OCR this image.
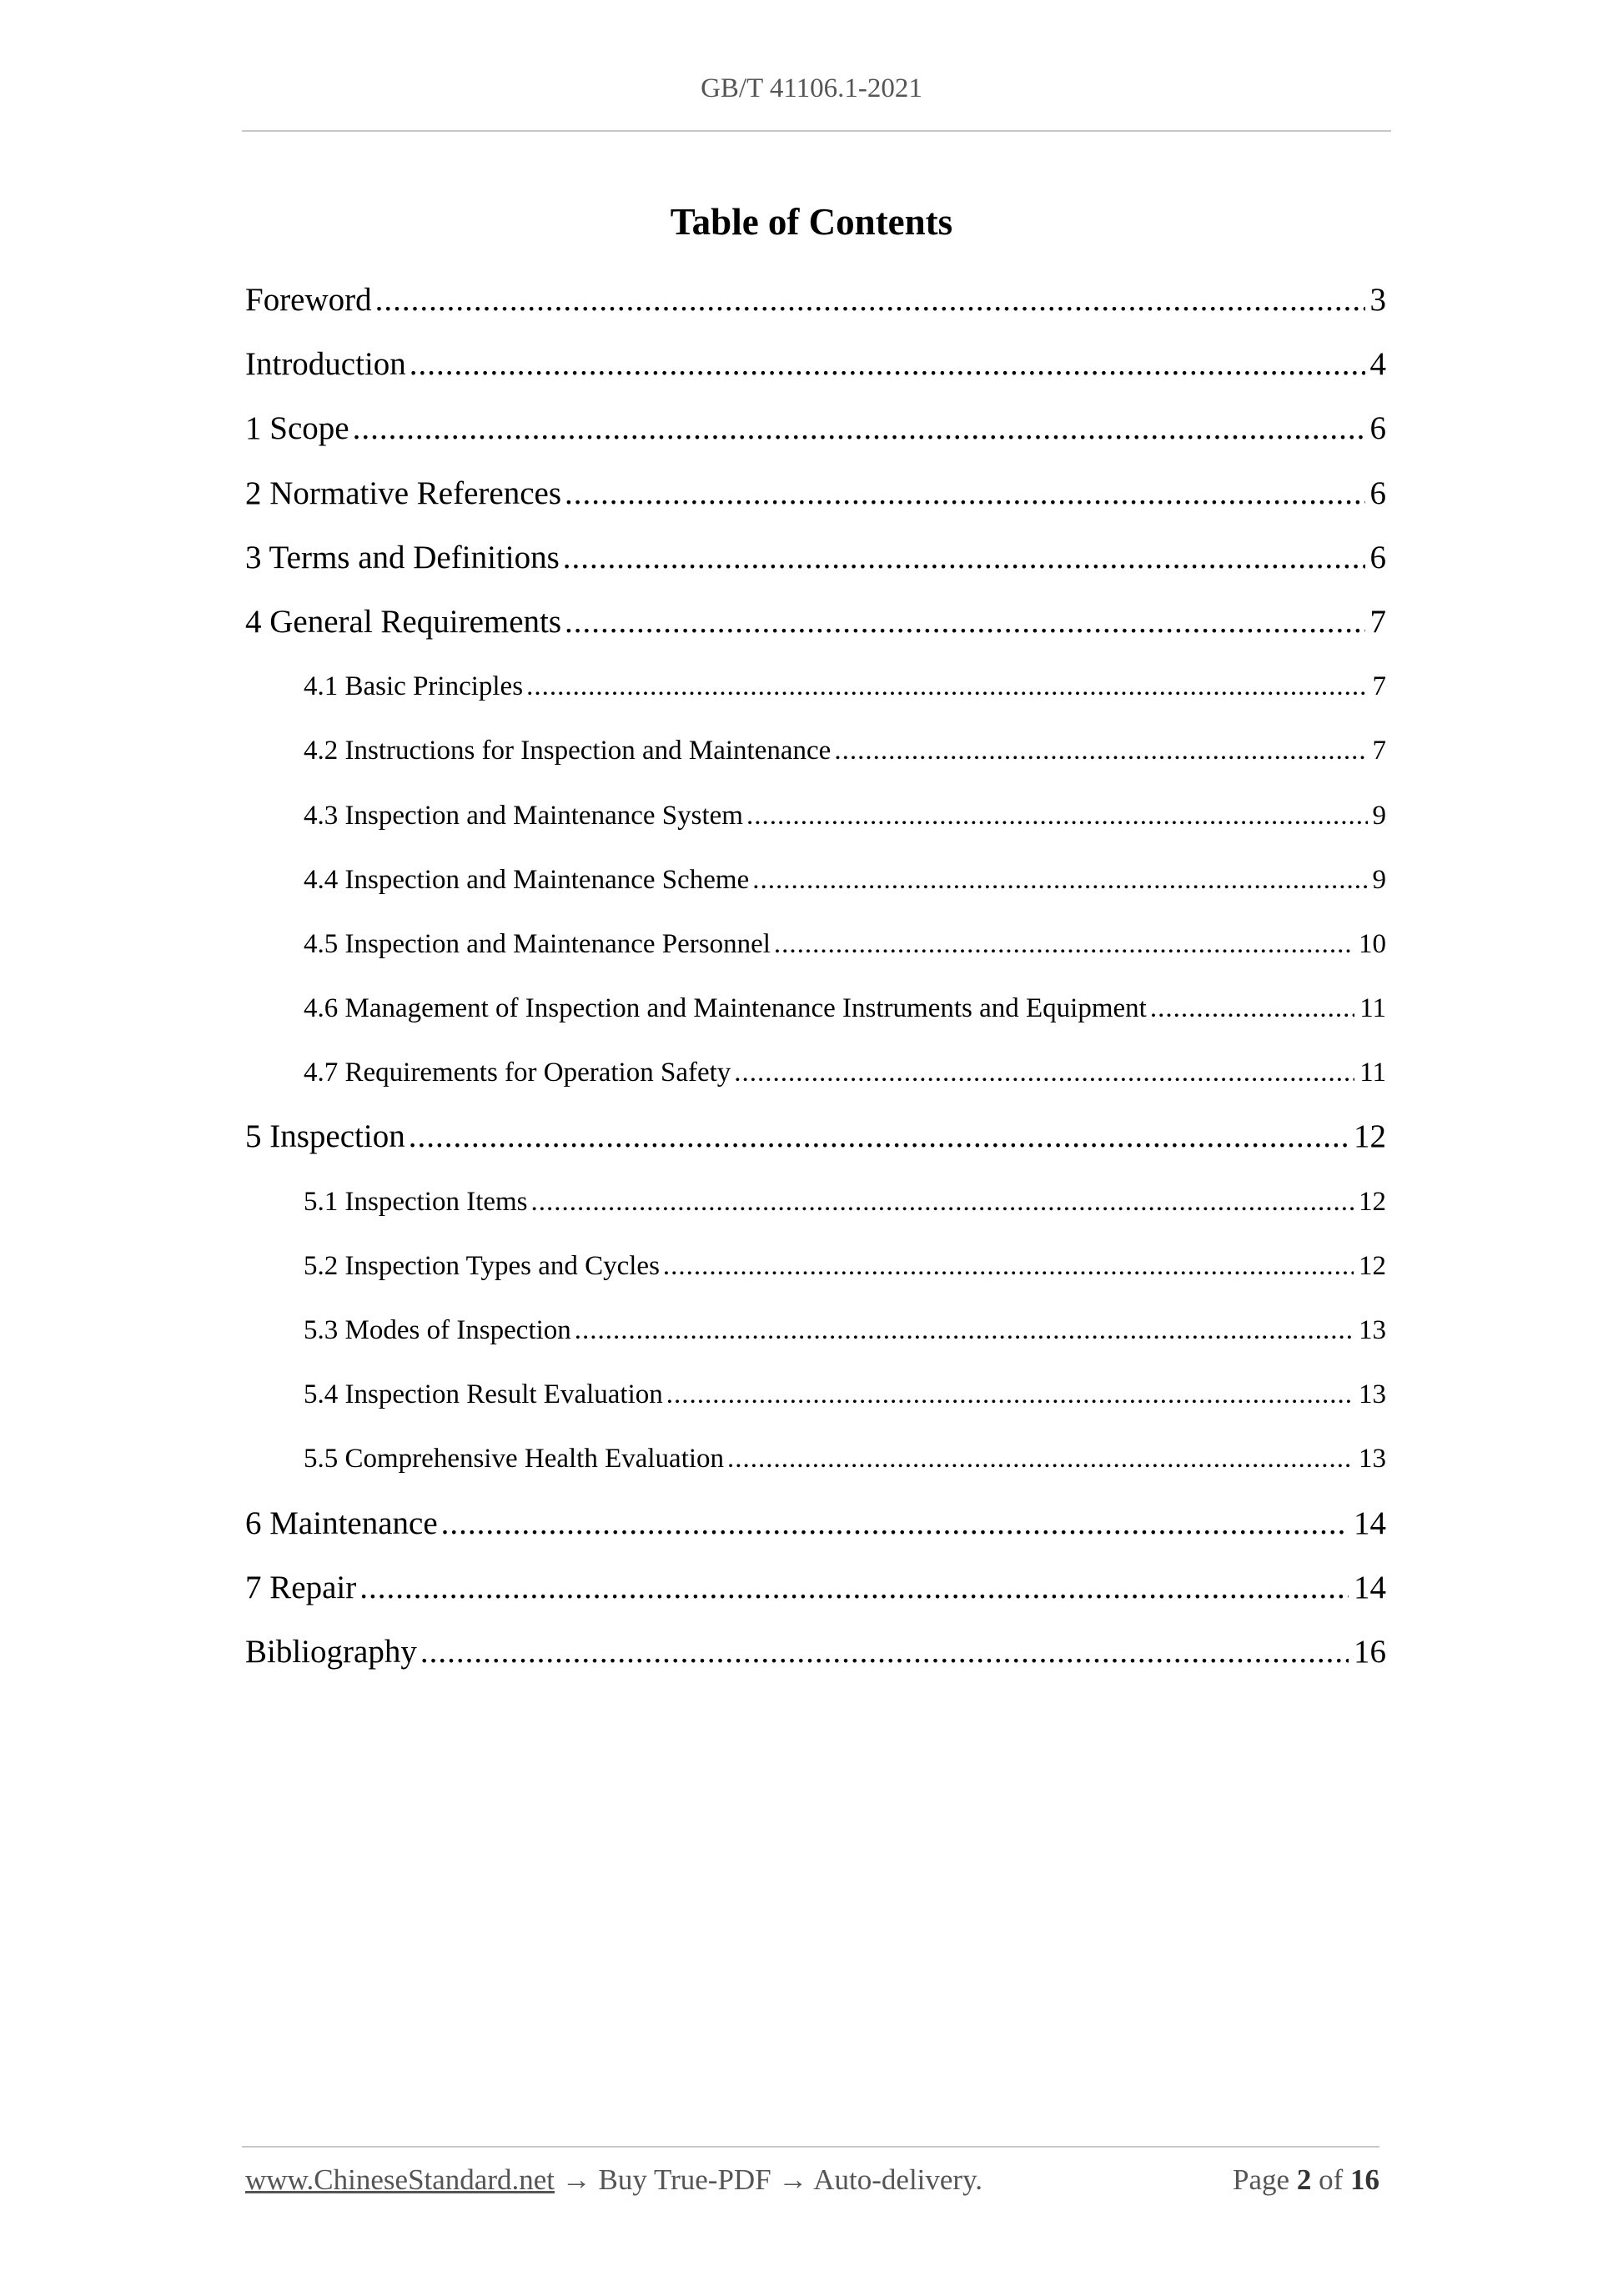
GB/T 41106.1-2021
Table of Contents
Foreword .....	3
Introduction .....	4
1 Scope .....	6
2 Normative References .....	6
3 Terms and Definitions .....	6
4 General Requirements .....	7
4.1 Basic Principles .....	7
4.2 Instructions for Inspection and Maintenance .....	7
4.3 Inspection and Maintenance System .....	9
4.4 Inspection and Maintenance Scheme .....	9
4.5 Inspection and Maintenance Personnel .....	10
4.6 Management of Inspection and Maintenance Instruments and Equipment .....	11
4.7 Requirements for Operation Safety .....	11
5 Inspection .....	12
5.1 Inspection Items .....	12
5.2 Inspection Types and Cycles .....	12
5.3 Modes of Inspection .....	13
5.4 Inspection Result Evaluation .....	13
5.5 Comprehensive Health Evaluation .....	13
6 Maintenance .....	14
7 Repair .....	14
Bibliography .....	16
www.ChineseStandard.net → Buy True-PDF → Auto-delivery.	Page 2 of 16
